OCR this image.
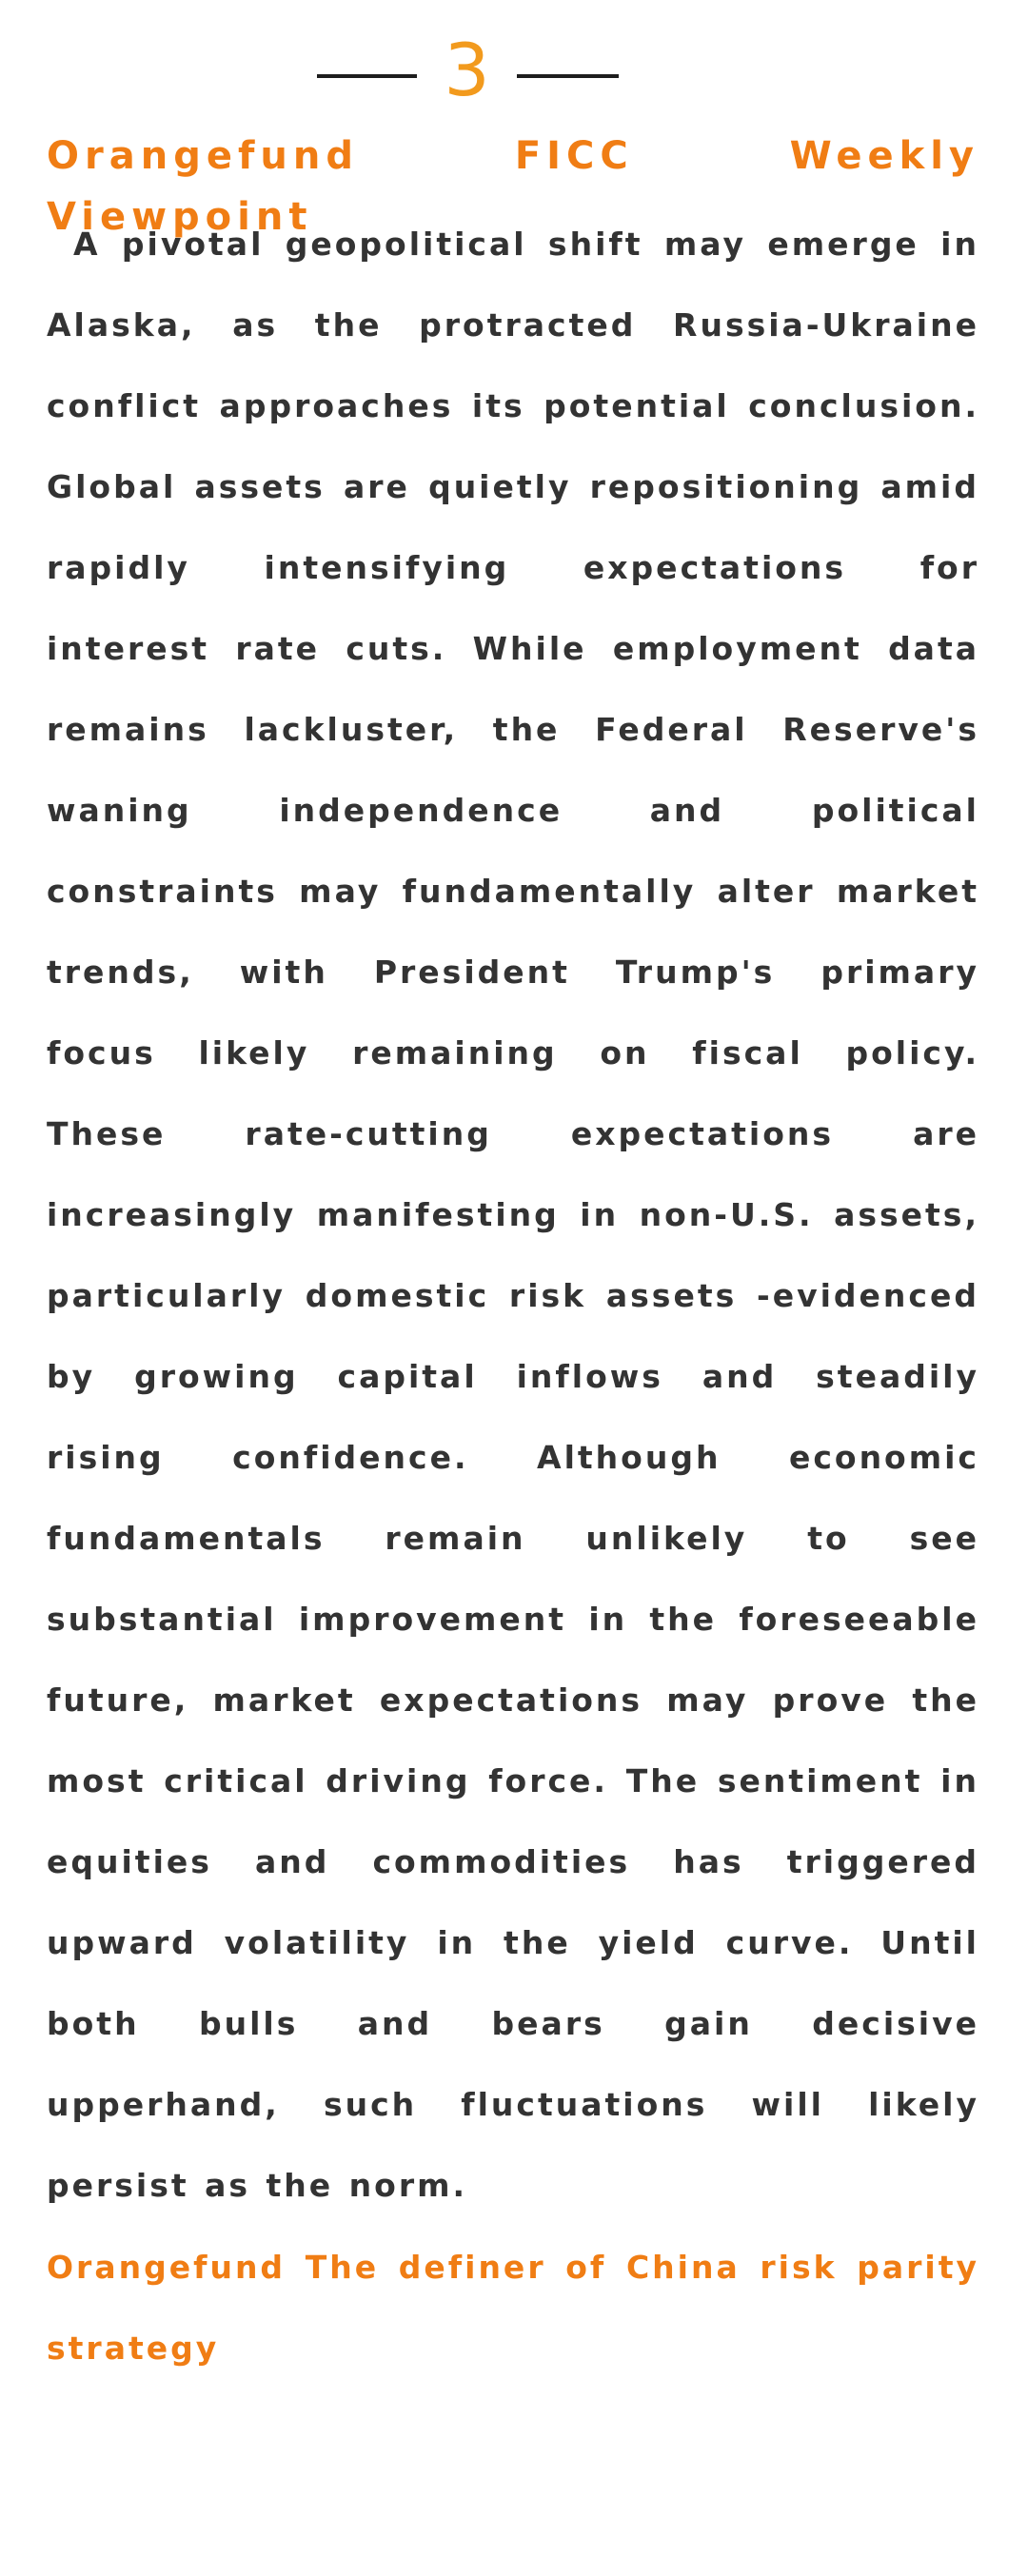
3
Orangefund FICC Weekly Viewpoint
A pivotal geopolitical shift may emerge in Alaska, as the protracted Russia-Ukraine conflict approaches its potential conclusion. Global assets are quietly repositioning amid rapidly intensifying expectations for interest rate cuts. While employment data remains lackluster, the Federal Reserve's waning independence and political constraints may fundamentally alter market trends, with President Trump's primary focus likely remaining on fiscal policy. These rate-cutting expectations are increasingly manifesting in non-U.S. assets, particularly domestic risk assets -evidenced by growing capital inflows and steadily rising confidence. Although economic fundamentals remain unlikely to see substantial improvement in the foreseeable future, market expectations may prove the most critical driving force. The sentiment in equities and commodities has triggered upward volatility in the yield curve. Until both bulls and bears gain decisive upperhand, such fluctuations will likely persist as the norm.
Orangefund The definer of China risk parity strategy
